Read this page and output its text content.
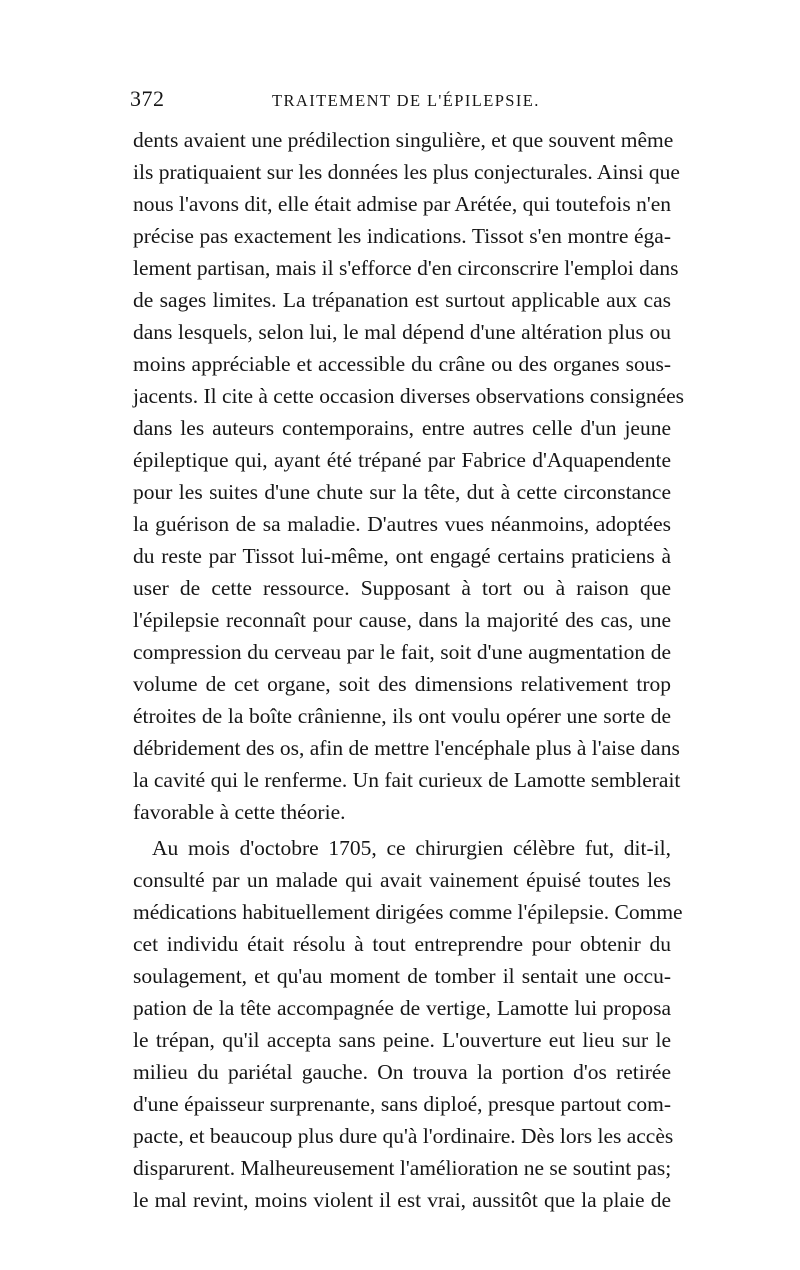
372	TRAITEMENT DE L'ÉPILEPSIE.
dents avaient une prédilection singulière, et que souvent même
ils pratiquaient sur les données les plus conjecturales. Ainsi que
nous l'avons dit, elle était admise par Arétée, qui toutefois n'en
précise pas exactement les indications. Tissot s'en montre éga-
lement partisan, mais il s'efforce d'en circonscrire l'emploi dans
de sages limites. La trépanation est surtout applicable aux cas
dans lesquels, selon lui, le mal dépend d'une altération plus ou
moins appréciable et accessible du crâne ou des organes sous-
jacents. Il cite à cette occasion diverses observations consignées
dans les auteurs contemporains, entre autres celle d'un jeune
épileptique qui, ayant été trépané par Fabrice d'Aquapendente
pour les suites d'une chute sur la tête, dut à cette circonstance
la guérison de sa maladie. D'autres vues néanmoins, adoptées
du reste par Tissot lui-même, ont engagé certains praticiens à
user de cette ressource. Supposant à tort ou à raison que
l'épilepsie reconnaît pour cause, dans la majorité des cas, une
compression du cerveau par le fait, soit d'une augmentation de
volume de cet organe, soit des dimensions relativement trop
étroites de la boîte crânienne, ils ont voulu opérer une sorte de
débridement des os, afin de mettre l'encéphale plus à l'aise dans
la cavité qui le renferme. Un fait curieux de Lamotte semblerait
favorable à cette théorie.
Au mois d'octobre 1705, ce chirurgien célèbre fut, dit-il,
consulté par un malade qui avait vainement épuisé toutes les
médications habituellement dirigées comme l'épilepsie. Comme
cet individu était résolu à tout entreprendre pour obtenir du
soulagement, et qu'au moment de tomber il sentait une occu-
pation de la tête accompagnée de vertige, Lamotte lui proposa
le trépan, qu'il accepta sans peine. L'ouverture eut lieu sur le
milieu du pariétal gauche. On trouva la portion d'os retirée
d'une épaisseur surprenante, sans diploé, presque partout com-
pacte, et beaucoup plus dure qu'à l'ordinaire. Dès lors les accès
disparurent. Malheureusement l'amélioration ne se soutint pas;
le mal revint, moins violent il est vrai, aussitôt que la plaie de
